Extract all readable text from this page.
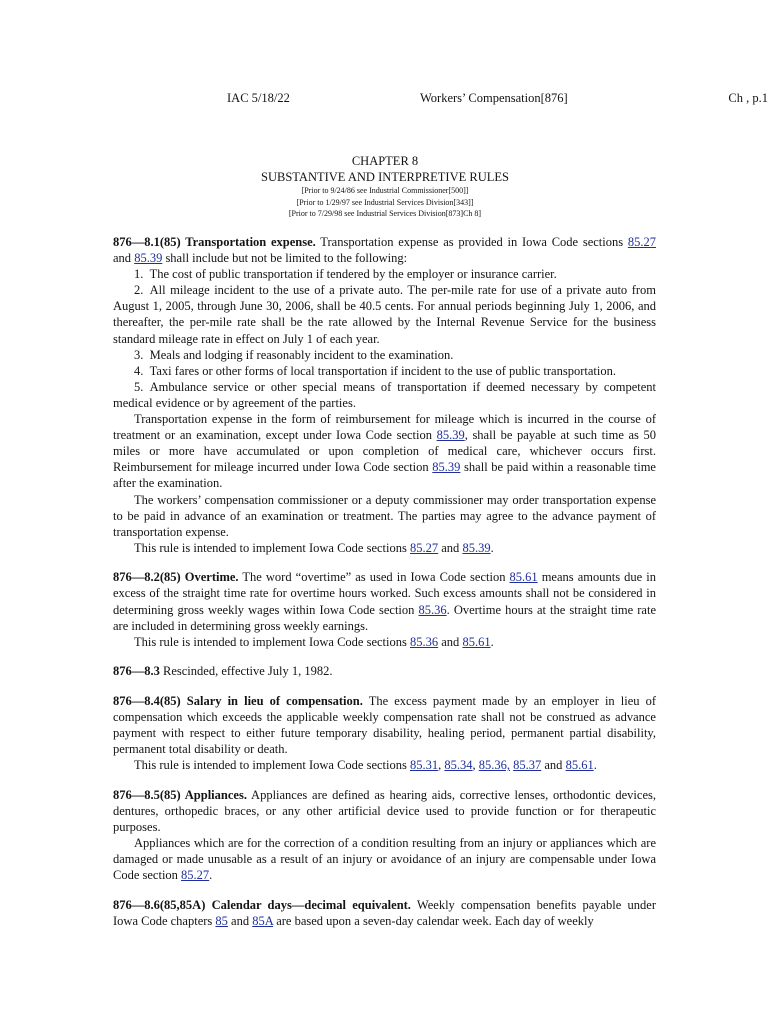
IAC 5/18/22	Workers’ Compensation[876]	Ch , p.1
CHAPTER 8
SUBSTANTIVE AND INTERPRETIVE RULES
[Prior to 9/24/86 see Industrial Commissioner[500]]
[Prior to 1/29/97 see Industrial Services Division[343]]
[Prior to 7/29/98 see Industrial Services Division[873]Ch 8]

876—8.1(85) Transportation expense. Transportation expense as provided in Iowa Code sections 85.27 and 85.39 shall include but not be limited to the following:

1. The cost of public transportation if tendered by the employer or insurance carrier.

2. All mileage incident to the use of a private auto. The per-mile rate for use of a private auto from August 1, 2005, through June 30, 2006, shall be 40.5 cents. For annual periods beginning July 1, 2006, and thereafter, the per-mile rate shall be the rate allowed by the Internal Revenue Service for the business standard mileage rate in effect on July 1 of each year.

3. Meals and lodging if reasonably incident to the examination.

4. Taxi fares or other forms of local transportation if incident to the use of public transportation.

5. Ambulance service or other special means of transportation if deemed necessary by competent medical evidence or by agreement of the parties.

Transportation expense in the form of reimbursement for mileage which is incurred in the course of treatment or an examination, except under Iowa Code section 85.39, shall be payable at such time as 50 miles or more have accumulated or upon completion of medical care, whichever occurs first. Reimbursement for mileage incurred under Iowa Code section 85.39 shall be paid within a reasonable time after the examination.

The workers’ compensation commissioner or a deputy commissioner may order transportation expense to be paid in advance of an examination or treatment. The parties may agree to the advance payment of transportation expense.

This rule is intended to implement Iowa Code sections 85.27 and 85.39.

876—8.2(85) Overtime. The word “overtime” as used in Iowa Code section 85.61 means amounts due in excess of the straight time rate for overtime hours worked. Such excess amounts shall not be considered in determining gross weekly wages within Iowa Code section 85.36. Overtime hours at the straight time rate are included in determining gross weekly earnings.

This rule is intended to implement Iowa Code sections 85.36 and 85.61.

876—8.3 Rescinded, effective July 1, 1982.

876—8.4(85) Salary in lieu of compensation. The excess payment made by an employer in lieu of compensation which exceeds the applicable weekly compensation rate shall not be construed as advance payment with respect to either future temporary disability, healing period, permanent partial disability, permanent total disability or death.

This rule is intended to implement Iowa Code sections 85.31, 85.34, 85.36, 85.37 and 85.61.

876—8.5(85) Appliances. Appliances are defined as hearing aids, corrective lenses, orthodontic devices, dentures, orthopedic braces, or any other artificial device used to provide function or for therapeutic purposes.

Appliances which are for the correction of a condition resulting from an injury or appliances which are damaged or made unusable as a result of an injury or avoidance of an injury are compensable under Iowa Code section 85.27.

876—8.6(85,85A) Calendar days—decimal equivalent. Weekly compensation benefits payable under Iowa Code chapters 85 and 85A are based upon a seven-day calendar week. Each day of weekly
